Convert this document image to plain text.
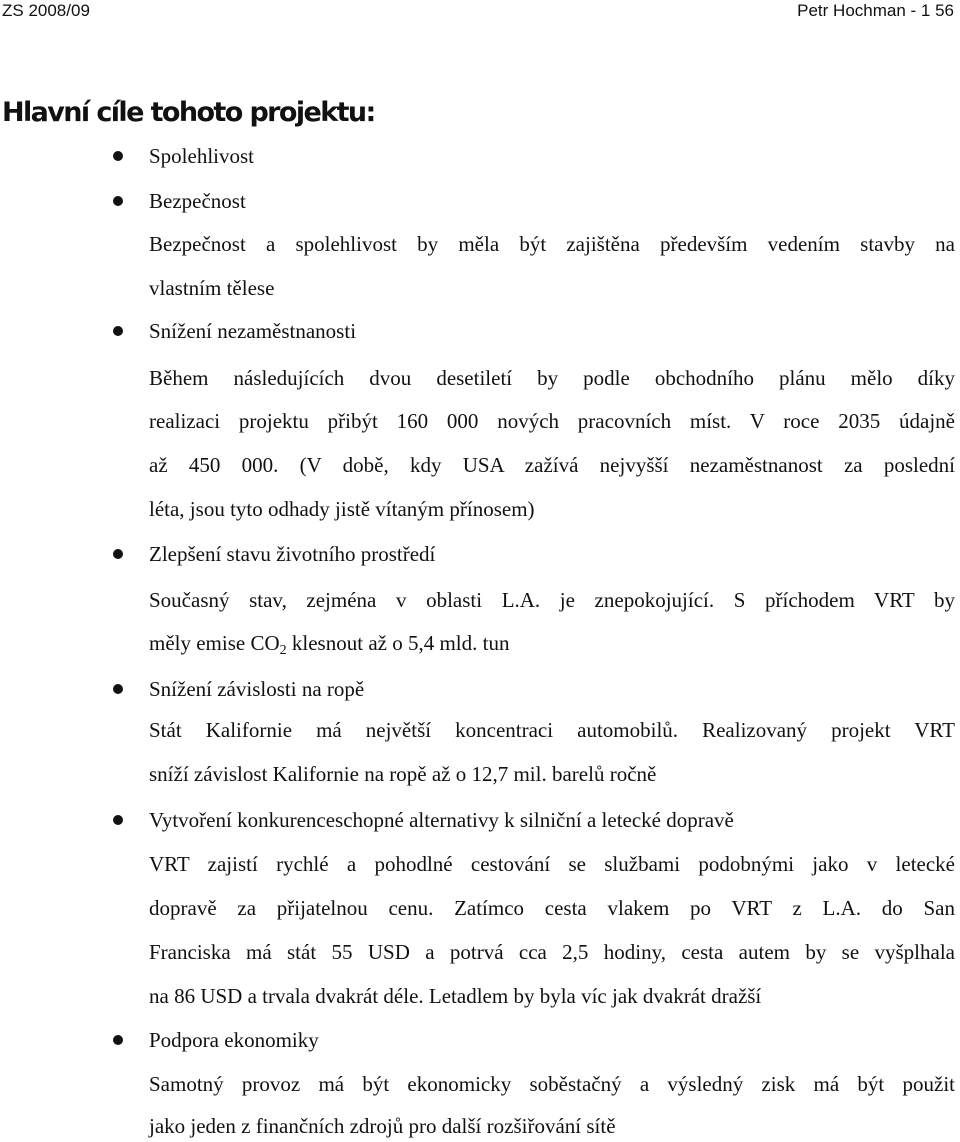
ZS 2008/09	Petr Hochman - 1 56
Hlavní cíle tohoto projektu:
Spolehlivost
Bezpečnost
Bezpečnost a spolehlivost by měla být zajištěna především vedením stavby na
vlastním tělese
Snížení nezaměstnanosti
Během následujících dvou desetiletí by podle obchodního plánu mělo díky
realizaci projektu přibýt 160 000 nových pracovních míst. V roce 2035 údajně
až 450 000. (V době, kdy USA zažívá nejvyšší nezaměstnanost za poslední
léta, jsou tyto odhady jistě vítaným přínosem)
Zlepšení stavu životního prostředí
Současný stav, zejména v oblasti L.A. je znepokojující. S příchodem VRT by
měly emise $CO_2$ klesnout až o 5,4 mld. tun
Snížení závislosti na ropě
Stát Kalifornie má největší koncentraci automobilů. Realizovaný projekt VRT
sníží závislost Kalifornie na ropě až o 12,7 mil. barelů ročně
Vytvoření konkurenceschopné alternativy k silniční a letecké dopravě
VRT zajistí rychlé a pohodlné cestování se službami podobnými jako v letecké
dopravě za přijatelnou cenu. Zatímco cesta vlakem po VRT z L.A. do San
Franciska má stát 55 USD a potrvá cca 2,5 hodiny, cesta autem by se vyšplhala
na 86 USD a trvala dvakrát déle. Letadlem by byla víc jak dvakrát dražší
Podpora ekonomiky
Samotný provoz má být ekonomicky soběstačný a výsledný zisk má být použit
jako jeden z finančních zdrojů pro další rozšiřování sítě
